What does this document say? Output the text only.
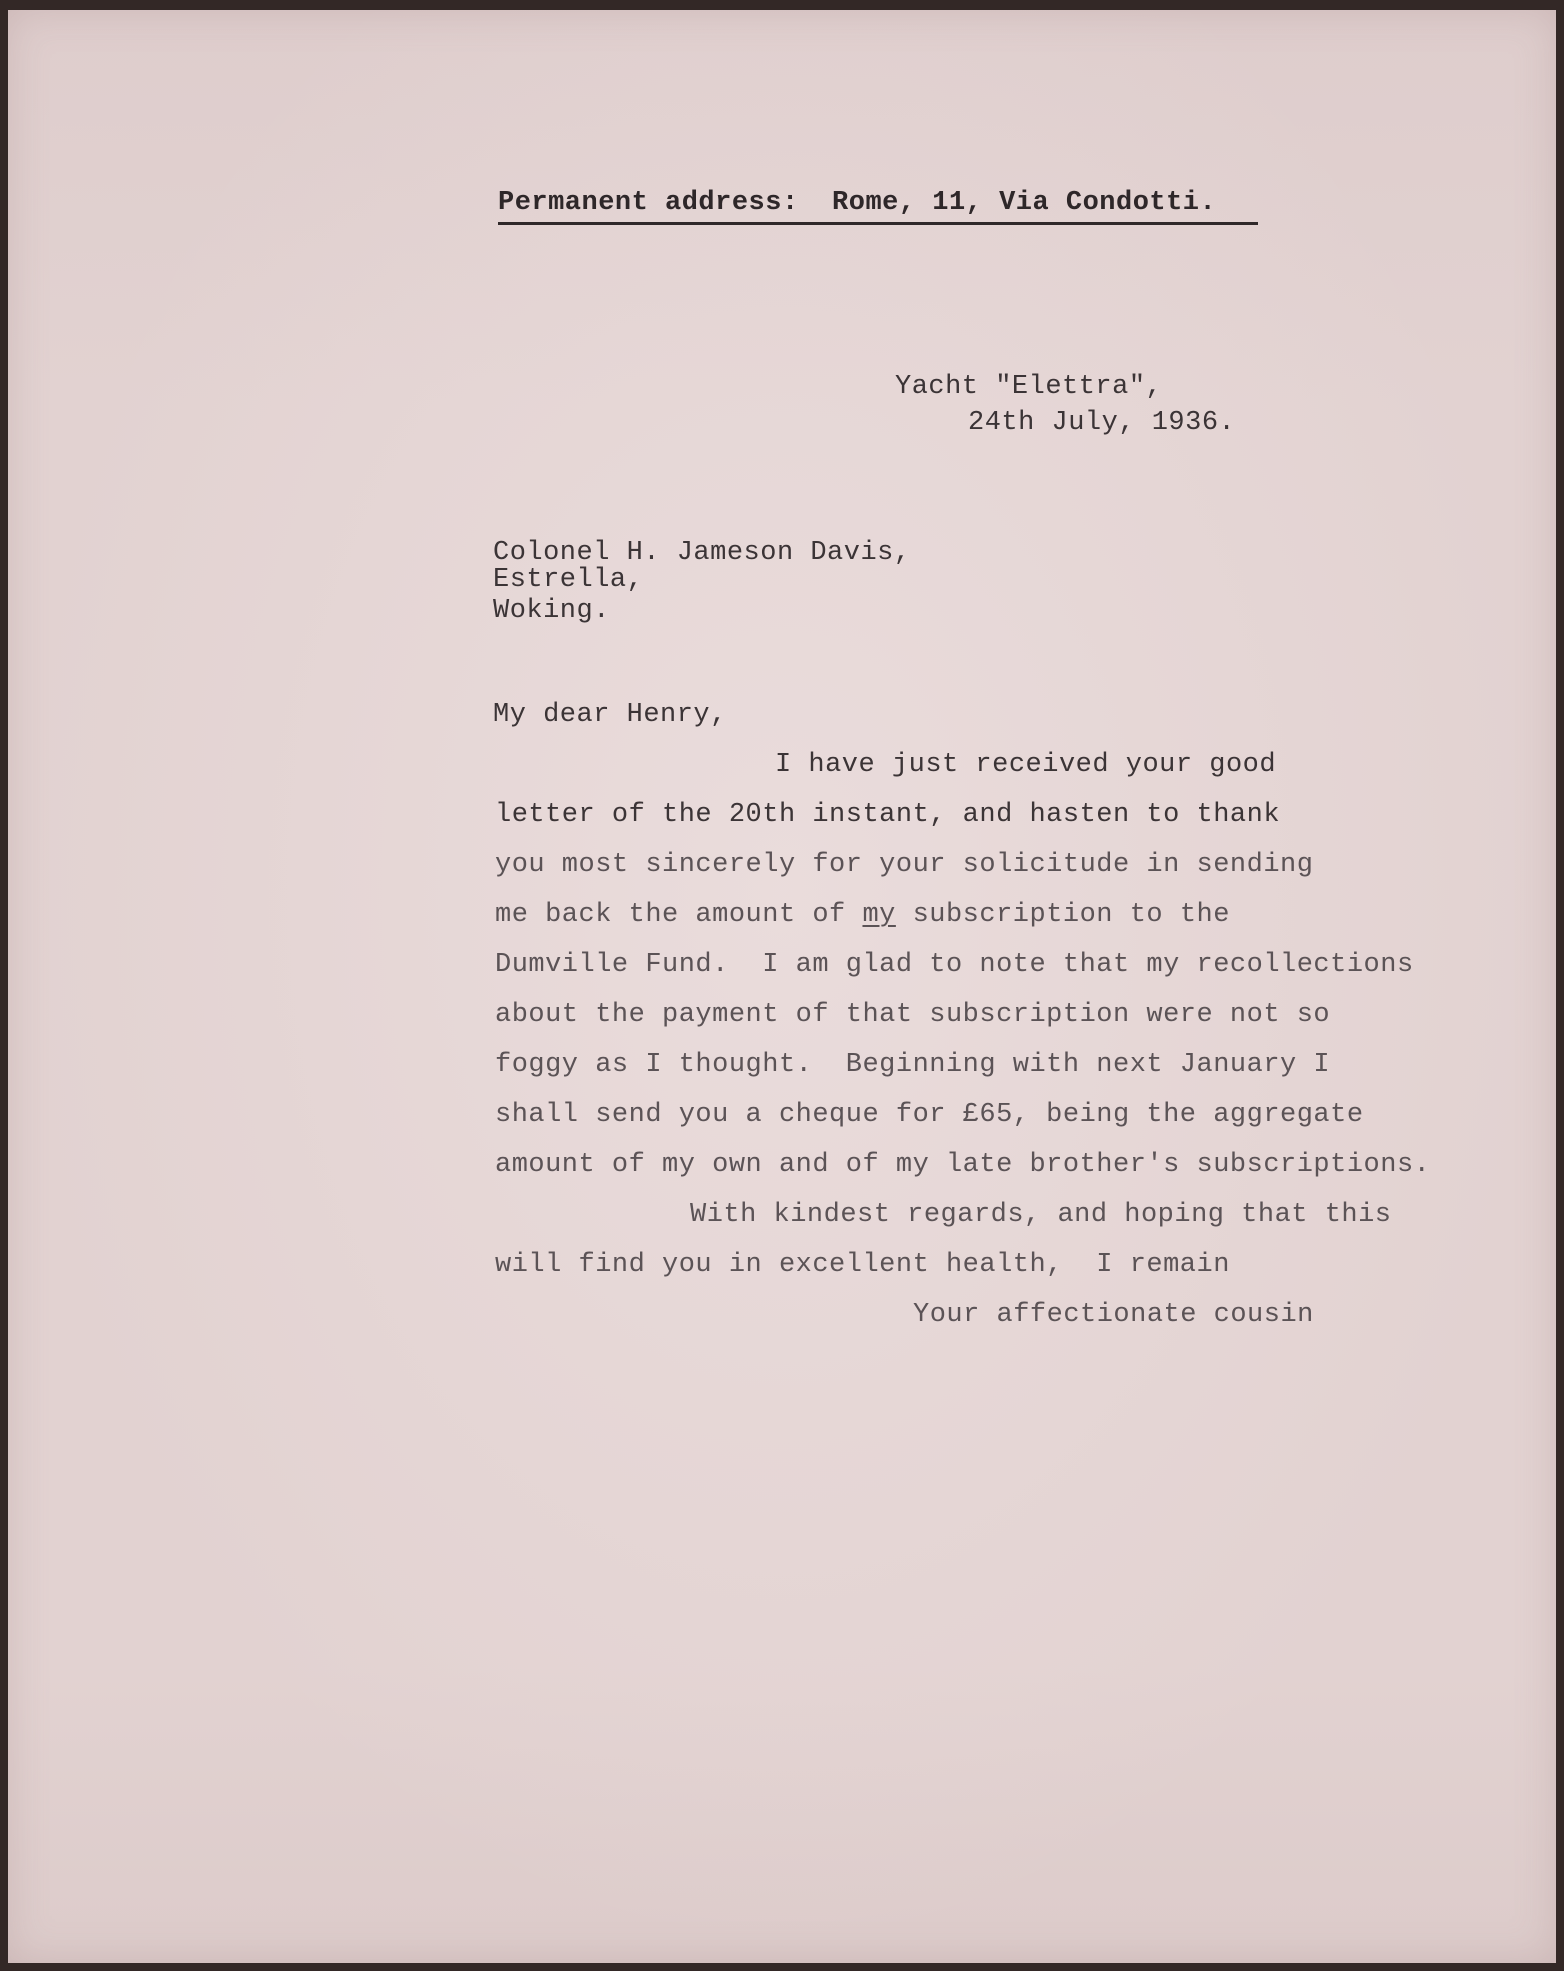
Permanent address:  Rome, 11, Via Condotti.
Yacht "Elettra",
24th July, 1936.
Colonel H. Jameson Davis,
Estrella,
Woking.
My dear Henry,
I have just received your good
letter of the 20th instant, and hasten to thank
you most sincerely for your solicitude in sending
me back the amount of my subscription to the
Dumville Fund.  I am glad to note that my recollections
about the payment of that subscription were not so
foggy as I thought.  Beginning with next January I
shall send you a cheque for £65, being the aggregate
amount of my own and of my late brother's subscriptions.
With kindest regards, and hoping that this
will find you in excellent health,  I remain
Your affectionate cousin
